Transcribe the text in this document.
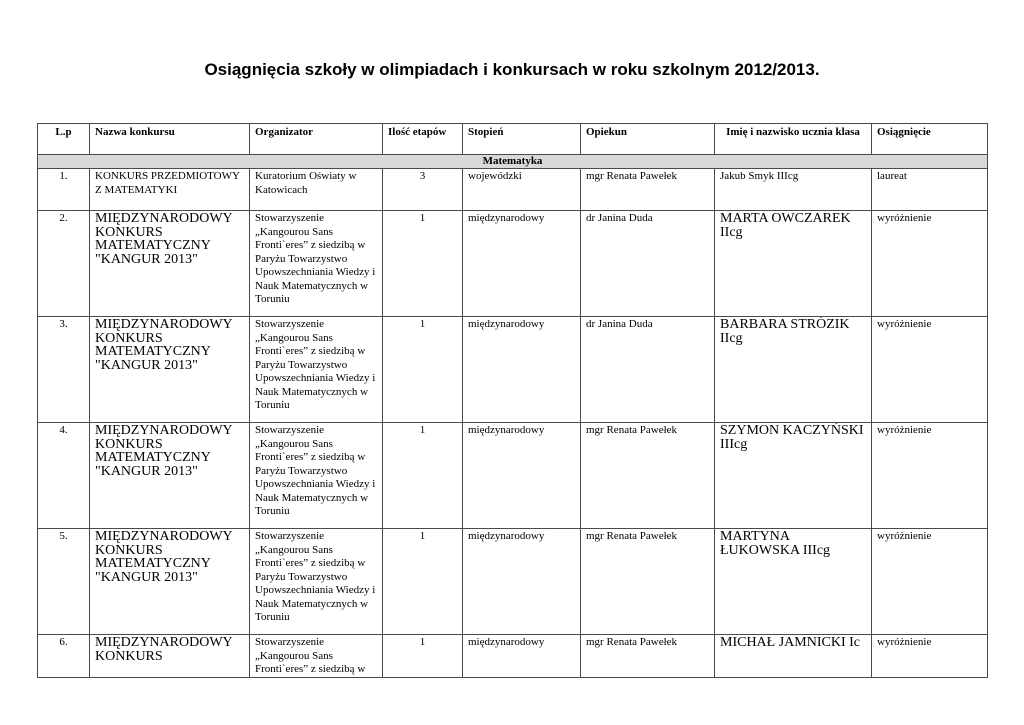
Osiągnięcia szkoły w olimpiadach i konkursach w roku szkolnym 2012/2013.
L.p	Nazwa konkursu	Organizator	Ilość etapów	Stopień	Opiekun	Imię i nazwisko ucznia klasa	Osiągnięcie
Matematyka							
1.	KONKURS PRZEDMIOTOWY Z MATEMATYKI	Kuratorium Oświaty w Katowicach	3	wojewódzki	mgr Renata Pawełek	Jakub Smyk IIIcg	laureat
2.	MIĘDZYNARODOWY KONKURS MATEMATYCZNY "KANGUR 2013"	Stowarzyszenie „Kangourou Sans Fronti`eres” z siedzibą w Paryżu Towarzystwo Upowszechniania Wiedzy i Nauk Matematycznych w Toruniu	1	międzynarodowy	dr Janina Duda	MARTA OWCZAREK IIcg	wyróżnienie
3.	MIĘDZYNARODOWY KONKURS MATEMATYCZNY "KANGUR 2013"	Stowarzyszenie „Kangourou Sans Fronti`eres” z siedzibą w Paryżu Towarzystwo Upowszechniania Wiedzy i Nauk Matematycznych w Toruniu	1	międzynarodowy	dr Janina Duda	BARBARA STRÓZIK IIcg	wyróżnienie
4.	MIĘDZYNARODOWY KONKURS MATEMATYCZNY "KANGUR 2013"	Stowarzyszenie „Kangourou Sans Fronti`eres” z siedzibą w Paryżu Towarzystwo Upowszechniania Wiedzy i Nauk Matematycznych w Toruniu	1	międzynarodowy	mgr Renata Pawełek	SZYMON KACZYŃSKI IIIcg	wyróżnienie
5.	MIĘDZYNARODOWY KONKURS MATEMATYCZNY "KANGUR 2013"	Stowarzyszenie „Kangourou Sans Fronti`eres” z siedzibą w Paryżu Towarzystwo Upowszechniania Wiedzy i Nauk Matematycznych w Toruniu	1	międzynarodowy	mgr Renata Pawełek	MARTYNA ŁUKOWSKA IIIcg	wyróżnienie
6.	MIĘDZYNARODOWY KONKURS	Stowarzyszenie „Kangourou Sans Fronti`eres” z siedzibą w	1	międzynarodowy	mgr Renata Pawełek	MICHAŁ JAMNICKI Ic	wyróżnienie
